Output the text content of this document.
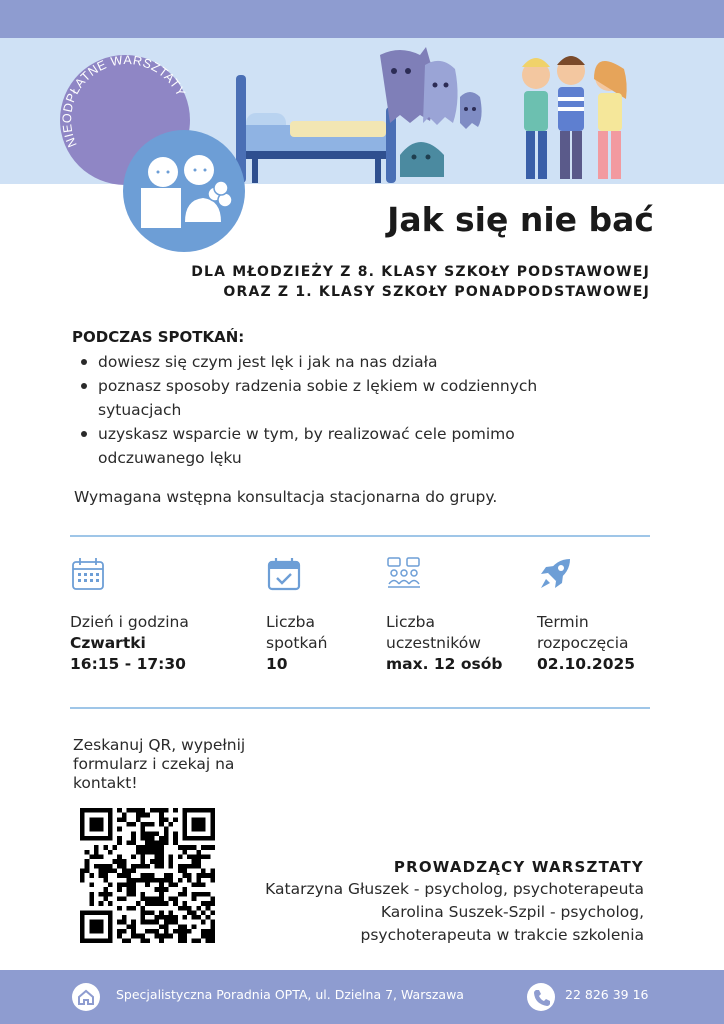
NIEODPŁATNE WARSZTATY
Jak się nie bać
DLA MŁODZIEŻY Z 8. KLASY SZKOŁY PODSTAWOWEJ
ORAZ Z 1. KLASY SZKOŁY PONADPODSTAWOWEJ
PODCZAS SPOTKAŃ:
dowiesz się czym jest lęk i jak na nas działa
poznasz sposoby radzenia sobie z lękiem w codziennych sytuacjach
uzyskasz wsparcie w tym, by realizować cele pomimo odczuwanego lęku
Wymagana wstępna konsultacja stacjonarna do grupy.
Dzień i godzina
Czwartki
16:15 - 17:30
Liczba
spotkań
10
Liczba
uczestników
max. 12 osób
Termin
rozpoczęcia
02.10.2025
Zeskanuj QR, wypełnij
formularz i czekaj na
kontakt!
PROWADZĄCY WARSZTATY
Katarzyna Głuszek - psycholog, psychoterapeuta
Karolina Suszek-Szpil - psycholog,
psychoterapeuta w trakcie szkolenia
Specjalistyczna Poradnia OPTA, ul. Dzielna 7, Warszawa	22 826 39 16
